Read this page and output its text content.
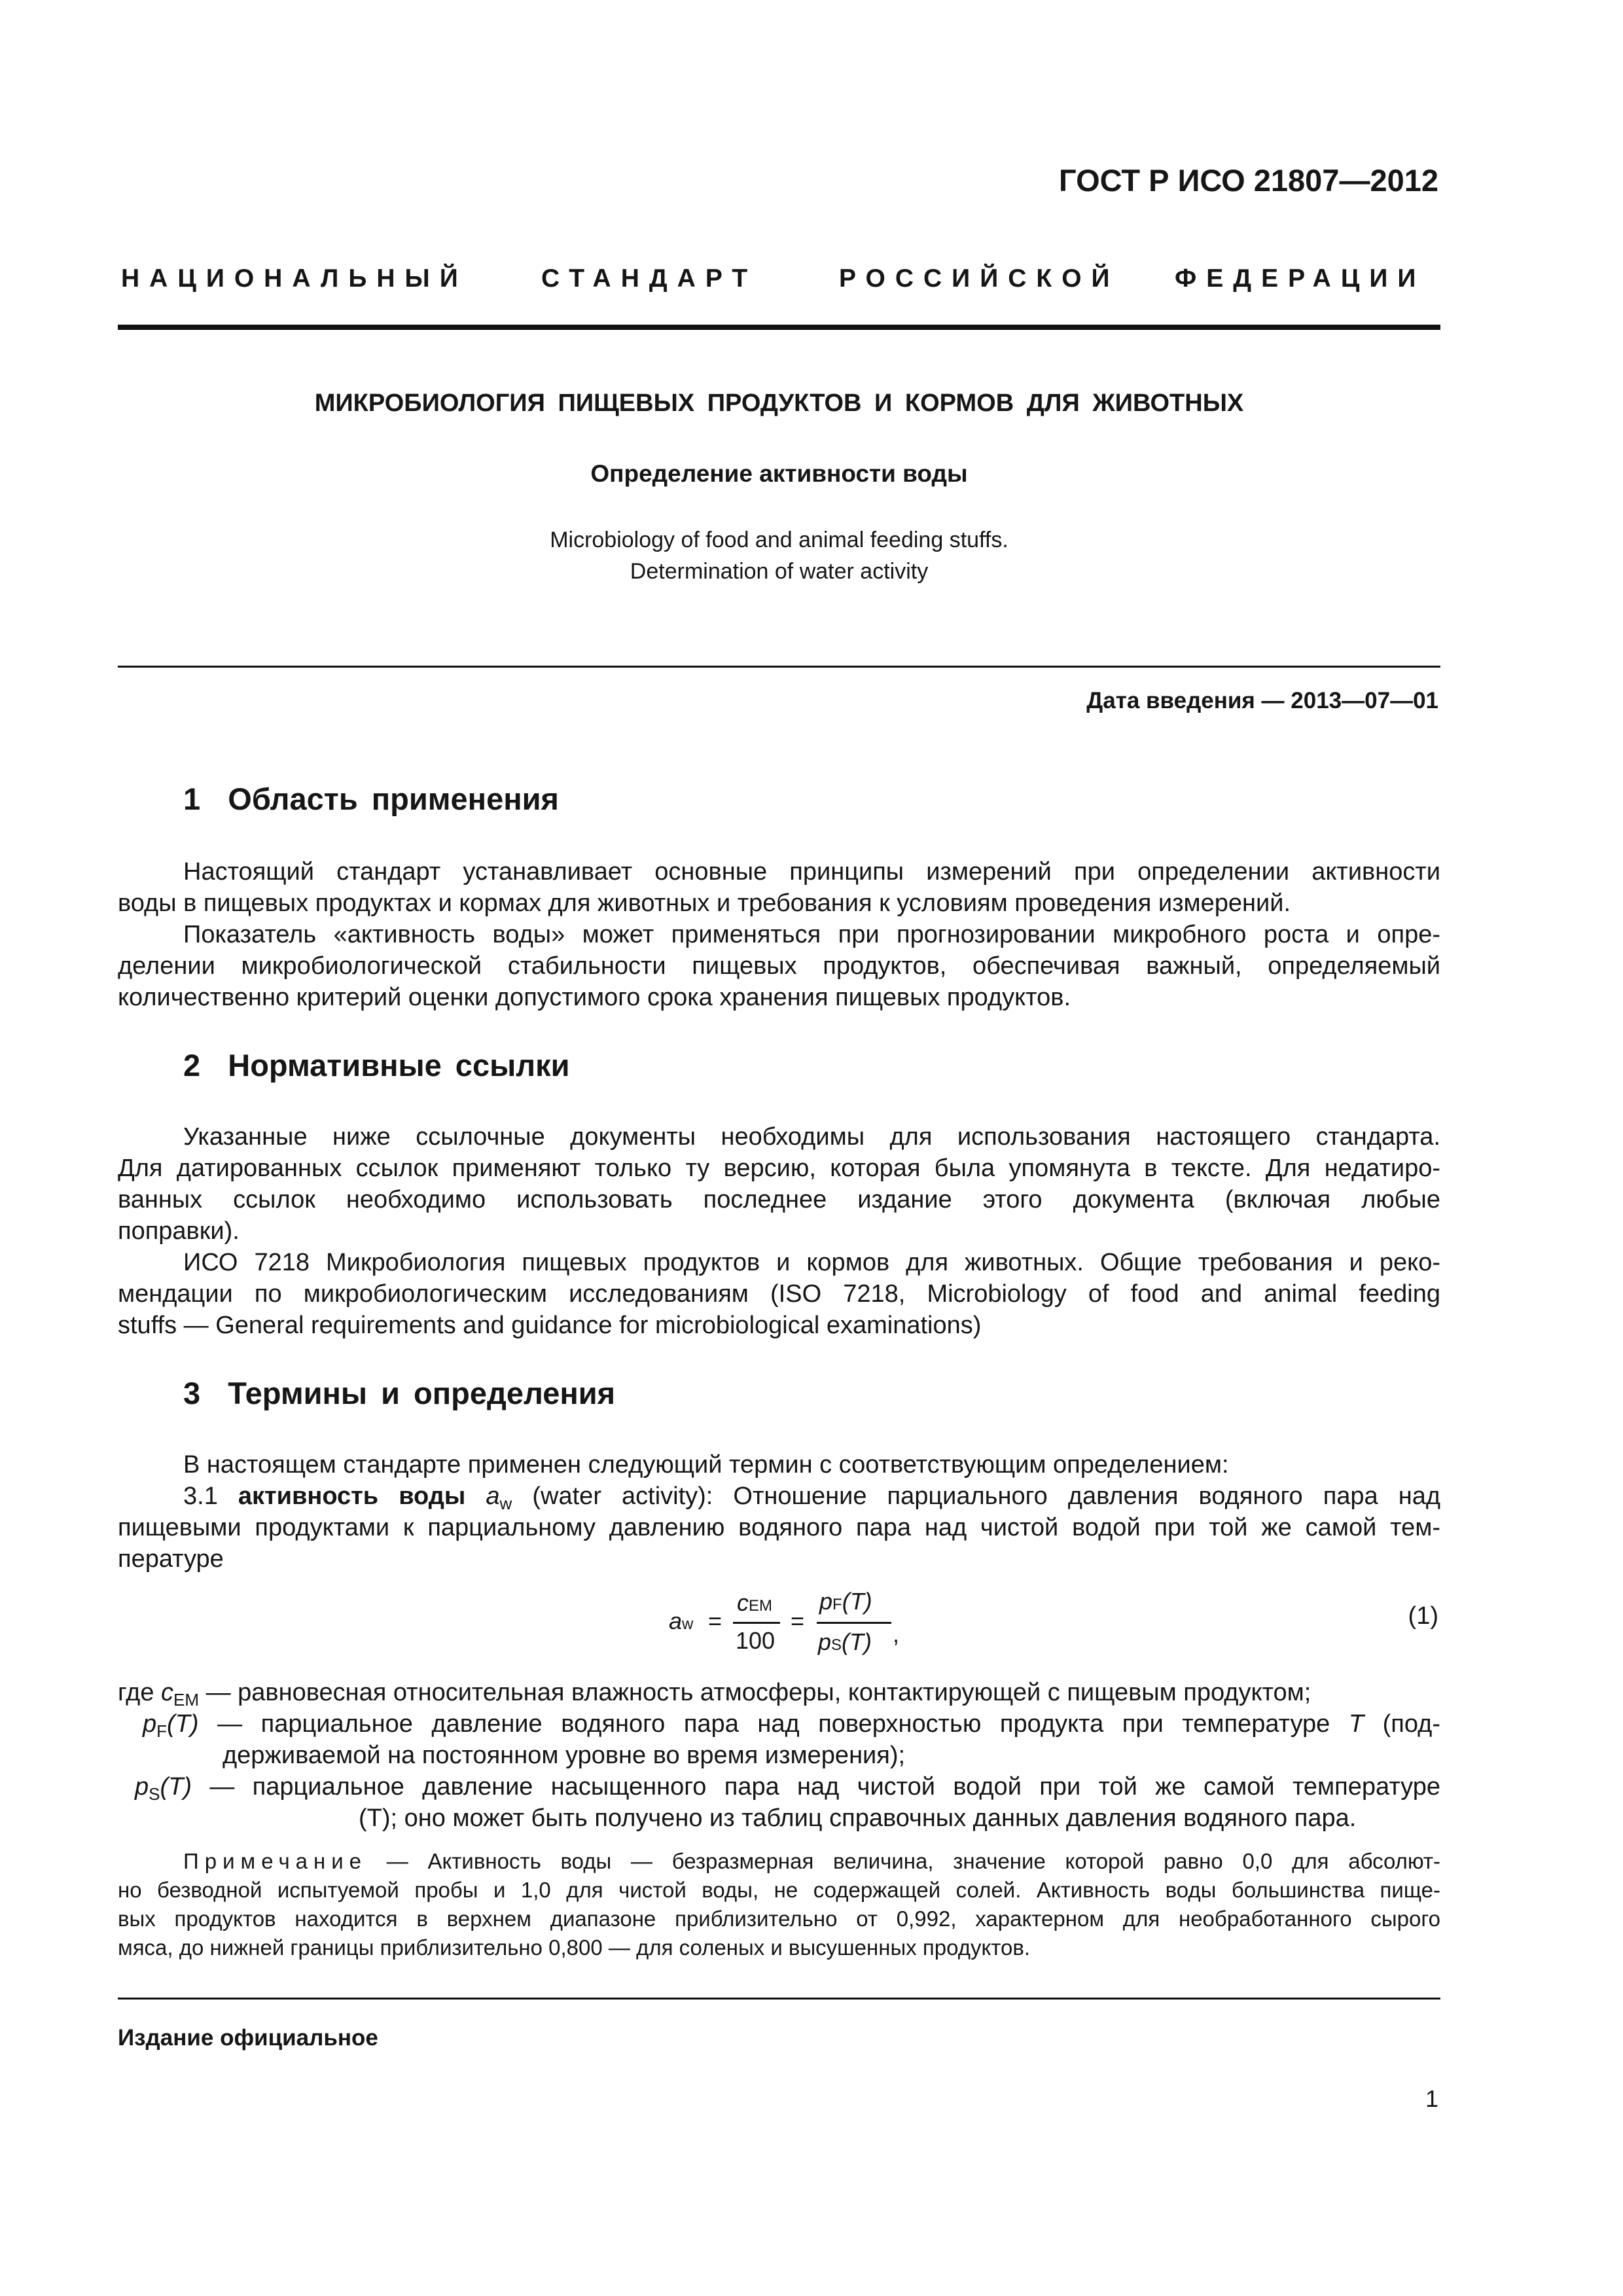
ГОСТ Р ИСО 21807—2012
НАЦИОНАЛЬНЫЙ	СТАНДАРТ	РОССИЙСКОЙ ФЕДЕРАЦИИ
МИКРОБИОЛОГИЯ ПИЩЕВЫХ ПРОДУКТОВ И КОРМОВ ДЛЯ ЖИВОТНЫХ
Определение активности воды
Microbiology of food and animal feeding stuffs.
Determination of water activity
Дата введения — 2013—07—01
1  Область применения
Настоящий стандарт устанавливает основные принципы измерений при определении активности
воды в пищевых продуктах и кормах для животных и требования к условиям проведения измерений.
Показатель «активность воды» может применяться при прогнозировании микробного роста и опре-
делении микробиологической стабильности пищевых продуктов, обеспечивая важный, определяемый
количественно критерий оценки допустимого срока хранения пищевых продуктов.
2  Нормативные ссылки
Указанные ниже ссылочные документы необходимы для использования настоящего стандарта.
Для датированных ссылок применяют только ту версию, которая была упомянута в тексте. Для недатиро-
ванных ссылок необходимо использовать последнее издание этого документа (включая любые
поправки).
ИСО 7218 Микробиология пищевых продуктов и кормов для животных. Общие требования и реко-
мендации по микробиологическим исследованиям (ISO 7218, Microbiology of food and animal feeding
stuffs — General requirements and guidance for microbiological examinations)
3  Термины и определения
В настоящем стандарте применен следующий термин с соответствующим определением:
3.1 активность воды $a_w$ (water activity): Отношение парциального давления водяного пара над
пищевыми продуктами к парциальному давлению водяного пара над чистой водой при той же самой тем-
пературе
aw =
cEM
100
=
pF(T)
pS(T) ,
(1)
где $c_{EM}$ — равновесная относительная влажность атмосферы, контактирующей с пищевым продуктом;
$p_F(T)$ — парциальное давление водяного пара над поверхностью продукта при температуре T (под-
держиваемой на постоянном уровне во время измерения);
$p_S(T)$ — парциальное давление насыщенного пара над чистой водой при той же самой температуре
(T); оно может быть получено из таблиц справочных данных давления водяного пара.
Примечание — Активность воды — безразмерная величина, значение которой равно 0,0 для абсолют-
но безводной испытуемой пробы и 1,0 для чистой воды, не содержащей солей. Активность воды большинства пище-
вых продуктов находится в верхнем диапазоне приблизительно от 0,992, характерном для необработанного сырого
мяса, до нижней границы приблизительно 0,800 — для соленых и высушенных продуктов.
Издание официальное
1
